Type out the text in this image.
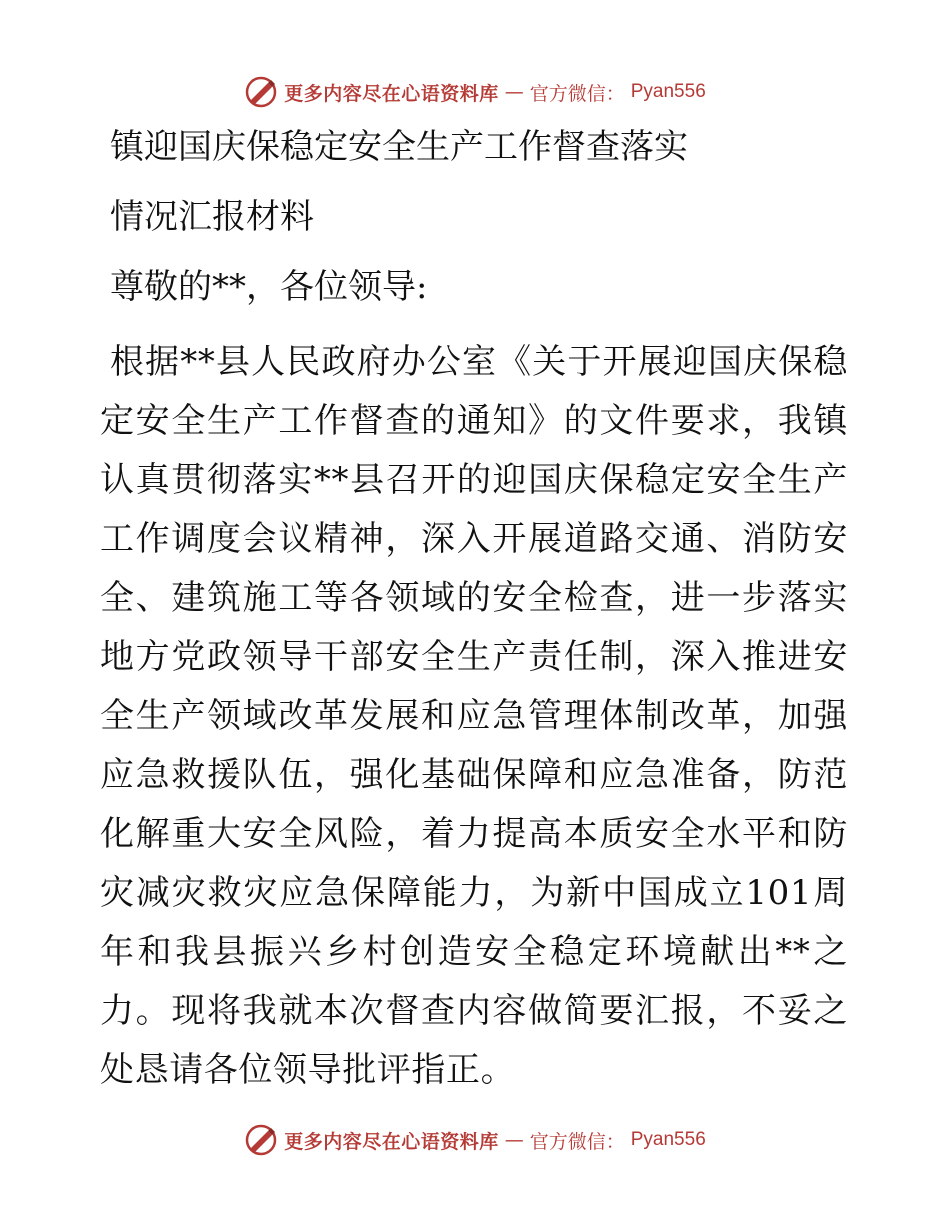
更多内容尽在心语资料库 — 官方微信： Pyan556

镇迎国庆保稳定安全生产工作督查落实

情况汇报材料

尊敬的**，各位领导:

根据**县人民政府办公室《关于开展迎国庆保稳定安全生产工作督查的通知》的文件要求，我镇认真贯彻落实**县召开的迎国庆保稳定安全生产工作调度会议精神，深入开展道路交通、消防安全、建筑施工等各领域的安全检查，进一步落实地方党政领导干部安全生产责任制，深入推进安全生产领域改革发展和应急管理体制改革，加强应急救援队伍，强化基础保障和应急准备，防范化解重大安全风险，着力提高本质安全水平和防灾减灾救灾应急保障能力，为新中国成立101周年和我县振兴乡村创造安全稳定环境献出**之力。现将我就本次督查内容做简要汇报，不妥之处恳请各位领导批评指正。

更多内容尽在心语资料库 — 官方微信： Pyan556
